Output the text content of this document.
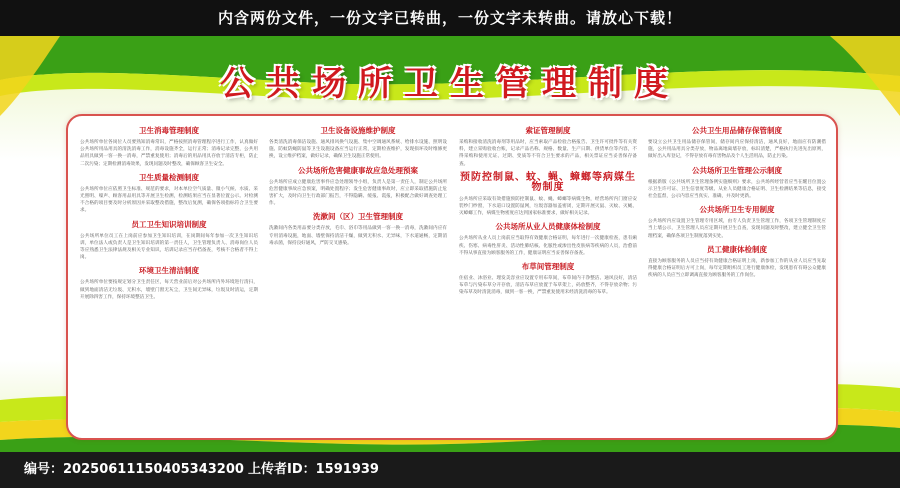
内含两份文件，一份文字已转曲，一份文字未转曲。请放心下载！
公共场所卫生管理制度
卫生消毒管理制度

公共场所单位各岗位人员要熟知消毒常识，严格按照消毒管理程序进行工作，认真做好公共场所用品用具的清洗消毒工作，消毒设施齐全，运行正常；消毒记录完整，公共用品用具做到一客一换一消毒，严禁重复使用；消毒后的用品用具存放于清洁专柜，防止二次污染；定期检测消毒效果，发现问题及时整改，确保顾客卫生安全。

卫生质量检测制度

公共场所单位应依照卫生标准、规范的要求，对本单位空气质量、微小气候、水质、采光照明、噪声、顾客用品用具等开展卫生检测，检测结果应当在显著位置公示。对检测不合格的项目要及时分析原因并采取整改措施，整改后复测，确保各项指标符合卫生要求。

员工卫生知识培训制度

公共场所单位员工在上岗前应参加卫生知识培训，在岗期间每年参加一次卫生知识培训，单位法人或负责人是卫生知识培训的第一责任人，卫生管理负责人、消毒岗位人员等应熟悉卫生法律法规及相关专业知识，培训记录应当存档备查，考核不合格者不得上岗。

环境卫生清洁制度

公共场所单位要按规定划分卫生责任区，每天营业前后对公共场所内外环境进行清扫，做到地面清洁无垃圾、无积水，墙壁门窗无灰尘，卫生间无异味，垃圾及时清运，定期开展除四害工作，保持环境整洁卫生。

卫生设备设施维护制度

各类清洗消毒保洁设施、通风排风换气设施、集中空调通风系统、给排水设施、照明设施、防蚊防蝇防鼠等卫生设施设备应当运行正常，定期检查维护，发现损坏及时维修更换，设立维护档案，做好记录，确保卫生设施正常使用。

公共场所危害健康事故应急处理预案

公共场所应成立健康危害事件应急处理领导小组，负责人是第一责任人，制定公共场所危害健康事故应急预案，明确处置程序；发生危害健康事故时，应立即采取措施防止危害扩大，及时向卫生行政部门报告，不得隐瞒、缓报、谎报，积极配合做好调查处理工作。

洗漱间（区）卫生管理制度

洗漱间内各类用品要分类存放，毛巾、浴巾等用品做到一客一换一消毒，洗漱间内应有专用消毒设施，地面、墙壁保持清洁干燥，做到无积水、无异味，下水道通畅，定期消毒杀菌，保持良好通风，严防交叉感染。

索证管理制度

采购和接收清洗消毒剂等用品时，应当索取产品检验合格报告、卫生许可批件等有关资料，建立采购验收台账，记录产品名称、规格、数量、生产日期、供货单位等内容，不得采购和使用无证、过期、变质等不符合卫生要求的产品，相关票证应当妥善保存备查。

预防控制鼠、蚊、蝇、蟑螂等病媒生物制度

公共场所应采取有效措施预防控制鼠、蚊、蝇、蟑螂等病媒生物，经营场所内门窗应安装纱门纱窗，下水道口设置防鼠网，垃圾容器加盖密闭，定期开展灭鼠、灭蚊、灭蝇、灭蟑螂工作，病媒生物密度应达到国家标准要求，做好相关记录。

公共场所从业人员健康体检制度

公共场所从业人员上岗前应当取得有效健康合格证明，每年进行一次健康检查，患有痢疾、伤寒、病毒性肝炎、活动性肺结核、化脓性或渗出性皮肤病等疾病的人员，治愈前不得从事直接为顾客服务的工作，健康证明应当妥善保存备查。

布草间管理制度

住宿业、沐浴业、理发美容业应设置专用布草间，布草间内干净整洁、通风良好，清洁布草与污染布草分开存放，清洁布草应放置于布草架上，码放整齐，不得存放杂物；污染布草及时清洗消毒，做到一客一换，严禁重复使用未经清洗消毒的布草。

公共卫生用品储存保管制度

要设立公共卫生用品储存保管间，储存间内应保持清洁，通风良好，地面应有防潮措施，公共用品用具分类存放，物品离地离墙存放，标识清楚，严格执行先进先出原则，做好出入库登记，不得存放有毒有害物品及个人生活用品，防止污染。

公共场所卫生管理公示制度

根据新版《公共场所卫生管理条例实施细则》要求，公共场所经营者应当在醒目位置公示卫生许可证、卫生信誉度等级、从业人员健康合格证明、卫生检测结果等信息，接受社会监督，公示内容应当真实、准确，并及时更新。

公共场所卫生专用制度

公共场所内应设置卫生管理专用区域，由专人负责卫生管理工作，各项卫生管理制度应当上墙公示，卫生管理人员应定期开展卫生自查，发现问题及时整改，建立健全卫生管理档案，确保各项卫生制度落到实处。

员工健康体检制度

直接为顾客服务的人员应当持有效健康合格证明上岗，新参加工作的从业人员应当先取得健康合格证明后方可上岗，每年定期组织员工进行健康体检，发现患有有碍公众健康疾病的人员应当立即调离直接为顾客服务的工作岗位。

编号：20250611150405343200 上传者ID：1591939
